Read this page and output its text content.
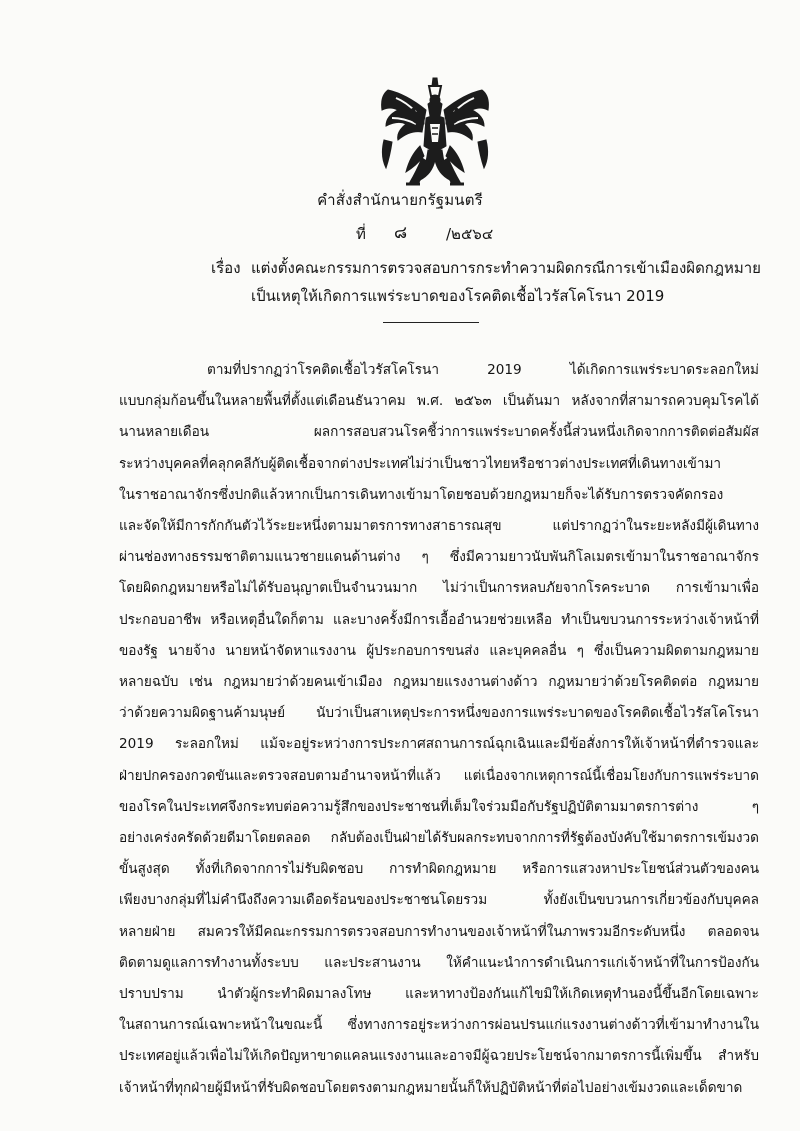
คำสั่งสำนักนายกรัฐมนตรี
ที่ ๘	/๒๕๖๔
เรื่อง แต่งตั้งคณะกรรมการตรวจสอบการกระทำความผิดกรณีการเข้าเมืองผิดกฎหมาย
เป็นเหตุให้เกิดการแพร่ระบาดของโรคติดเชื้อไวรัสโคโรนา 2019
ตามที่ปรากฏว่าโรคติดเชื้อไวรัสโคโรนา 2019 ได้เกิดการแพร่ระบาดระลอกใหม่
แบบกลุ่มก้อนขึ้นในหลายพื้นที่ตั้งแต่เดือนธันวาคม พ.ศ. ๒๕๖๓ เป็นต้นมา หลังจากที่สามารถควบคุมโรคได้
นานหลายเดือน ผลการสอบสวนโรคชี้ว่าการแพร่ระบาดครั้งนี้ส่วนหนึ่งเกิดจากการติดต่อสัมผัส
ระหว่างบุคคลที่คลุกคลีกับผู้ติดเชื้อจากต่างประเทศไม่ว่าเป็นชาวไทยหรือชาวต่างประเทศที่เดินทางเข้ามา
ในราชอาณาจักรซึ่งปกติแล้วหากเป็นการเดินทางเข้ามาโดยชอบด้วยกฎหมายก็จะได้รับการตรวจคัดกรอง
และจัดให้มีการกักกันตัวไว้ระยะหนึ่งตามมาตรการทางสาธารณสุข แต่ปรากฏว่าในระยะหลังมีผู้เดินทาง
ผ่านช่องทางธรรมชาติตามแนวชายแดนด้านต่าง ๆ ซึ่งมีความยาวนับพันกิโลเมตรเข้ามาในราชอาณาจักร
โดยผิดกฎหมายหรือไม่ได้รับอนุญาตเป็นจำนวนมาก ไม่ว่าเป็นการหลบภัยจากโรคระบาด การเข้ามาเพื่อ
ประกอบอาชีพ หรือเหตุอื่นใดก็ตาม และบางครั้งมีการเอื้ออำนวยช่วยเหลือ ทำเป็นขบวนการระหว่างเจ้าหน้าที่
ของรัฐ นายจ้าง นายหน้าจัดหาแรงงาน ผู้ประกอบการขนส่ง และบุคคลอื่น ๆ ซึ่งเป็นความผิดตามกฎหมาย
หลายฉบับ เช่น กฎหมายว่าด้วยคนเข้าเมือง กฎหมายแรงงานต่างด้าว กฎหมายว่าด้วยโรคติดต่อ กฎหมาย
ว่าด้วยความผิดฐานค้ามนุษย์ นับว่าเป็นสาเหตุประการหนึ่งของการแพร่ระบาดของโรคติดเชื้อไวรัสโคโรนา
2019 ระลอกใหม่ แม้จะอยู่ระหว่างการประกาศสถานการณ์ฉุกเฉินและมีข้อสั่งการให้เจ้าหน้าที่ตำรวจและ
ฝ่ายปกครองกวดขันและตรวจสอบตามอำนาจหน้าที่แล้ว แต่เนื่องจากเหตุการณ์นี้เชื่อมโยงกับการแพร่ระบาด
ของโรคในประเทศจึงกระทบต่อความรู้สึกของประชาชนที่เต็มใจร่วมมือกับรัฐปฏิบัติตามมาตรการต่าง ๆ
อย่างเคร่งครัดด้วยดีมาโดยตลอด กลับต้องเป็นฝ่ายได้รับผลกระทบจากการที่รัฐต้องบังคับใช้มาตรการเข้มงวด
ขั้นสูงสุด ทั้งที่เกิดจากการไม่รับผิดชอบ การทำผิดกฎหมาย หรือการแสวงหาประโยชน์ส่วนตัวของคน
เพียงบางกลุ่มที่ไม่คำนึงถึงความเดือดร้อนของประชาชนโดยรวม ทั้งยังเป็นขบวนการเกี่ยวข้องกับบุคคล
หลายฝ่าย สมควรให้มีคณะกรรมการตรวจสอบการทำงานของเจ้าหน้าที่ในภาพรวมอีกระดับหนึ่ง ตลอดจน
ติดตามดูแลการทำงานทั้งระบบ และประสานงาน ให้คำแนะนำการดำเนินการแก่เจ้าหน้าที่ในการป้องกัน
ปราบปราม นำตัวผู้กระทำผิดมาลงโทษ และหาทางป้องกันแก้ไขมิให้เกิดเหตุทำนองนี้ขึ้นอีกโดยเฉพาะ
ในสถานการณ์เฉพาะหน้าในขณะนี้ ซึ่งทางการอยู่ระหว่างการผ่อนปรนแก่แรงงานต่างด้าวที่เข้ามาทำงานใน
ประเทศอยู่แล้วเพื่อไม่ให้เกิดปัญหาขาดแคลนแรงงานและอาจมีผู้ฉวยประโยชน์จากมาตรการนี้เพิ่มขึ้น สำหรับ
เจ้าหน้าที่ทุกฝ่ายผู้มีหน้าที่รับผิดชอบโดยตรงตามกฎหมายนั้นก็ให้ปฏิบัติหน้าที่ต่อไปอย่างเข้มงวดและเด็ดขาด
